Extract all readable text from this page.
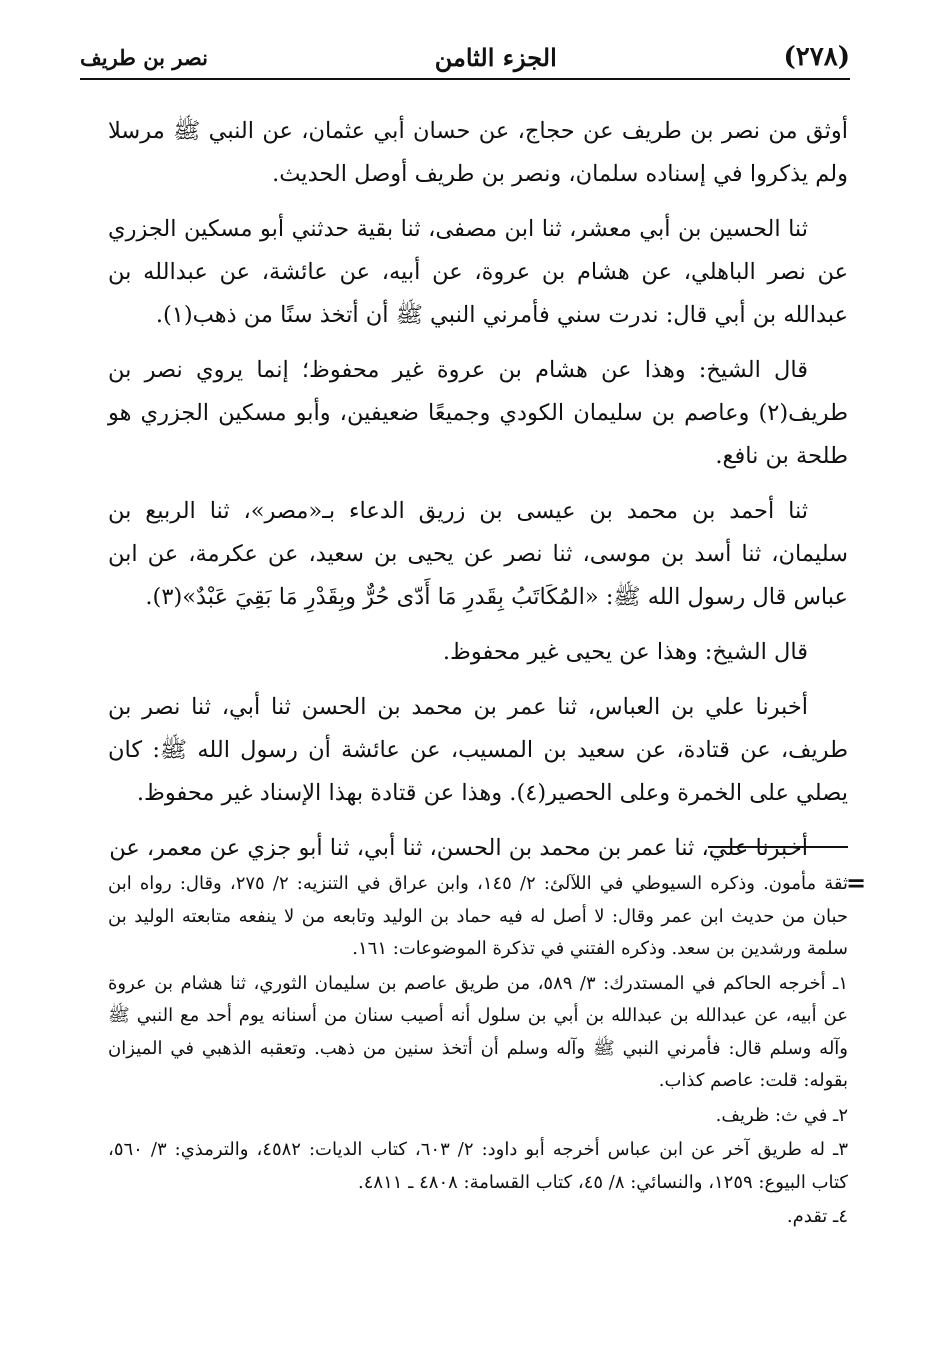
(٢٧٨)
الجزء الثامن
نصر بن طريف

أوثق من نصر بن طريف عن حجاج، عن حسان أبي عثمان، عن النبي ﷺ مرسلا ولم يذكروا في إسناده سلمان، ونصر بن طريف أوصل الحديث.

ثنا الحسين بن أبي معشر، ثنا ابن مصفى، ثنا بقية حدثني أبو مسكين الجزري عن نصر الباهلي، عن هشام بن عروة، عن أبيه، عن عائشة، عن عبدالله بن عبدالله بن أبي قال: ندرت سني فأمرني النبي ﷺ أن أتخذ سنًا من ذهب(١).

قال الشيخ: وهذا عن هشام بن عروة غير محفوظ؛ إنما يروي نصر بن طريف(٢) وعاصم بن سليمان الكودي وجميعًا ضعيفين، وأبو مسكين الجزري هو طلحة بن نافع.

ثنا أحمد بن محمد بن عيسى بن زريق الدعاء بـ«مصر»، ثنا الربيع بن سليمان، ثنا أسد بن موسى، ثنا نصر عن يحيى بن سعيد، عن عكرمة، عن ابن عباس قال رسول الله ﷺ: «المُكَاتَبُ بِقَدرِ مَا أَدّى حُرٌّ وبِقَدْرِ مَا بَقِيَ عَبْدٌ»(٣).

قال الشيخ: وهذا عن يحيى غير محفوظ.

أخبرنا علي بن العباس، ثنا عمر بن محمد بن الحسن ثنا أبي، ثنا نصر بن طريف، عن قتادة، عن سعيد بن المسيب، عن عائشة أن رسول الله ﷺ: كان يصلي على الخمرة وعلى الحصير(٤). وهذا عن قتادة بهذا الإسناد غير محفوظ.

أخبرنا علي، ثنا عمر بن محمد بن الحسن، ثنا أبي، ثنا أبو جزي عن معمر، عن

=

ثقة مأمون. وذكره السيوطي في اللآلئ: ٢/ ١٤٥، وابن عراق في التنزيه: ٢/ ٢٧٥، وقال: رواه ابن حبان من حديث ابن عمر وقال: لا أصل له فيه حماد بن الوليد وتابعه من لا ينفعه متابعته الوليد بن سلمة ورشدين بن سعد. وذكره الفتني في تذكرة الموضوعات: ١٦١.

١ـ أخرجه الحاكم في المستدرك: ٣/ ٥٨٩، من طريق عاصم بن سليمان الثوري، ثنا هشام بن عروة عن أبيه، عن عبدالله بن عبدالله بن أبي بن سلول أنه أصيب سنان من أسنانه يوم أحد مع النبي ﷺ وآله وسلم قال: فأمرني النبي ﷺ وآله وسلم أن أتخذ سنين من ذهب. وتعقبه الذهبي في الميزان بقوله: قلت: عاصم كذاب.

٢ـ في ث: ظريف.

٣ـ له طريق آخر عن ابن عباس أخرجه أبو داود: ٢/ ٦٠٣، كتاب الديات: ٤٥٨٢، والترمذي: ٣/ ٥٦٠، كتاب البيوع: ١٢٥٩، والنسائي: ٨/ ٤٥، كتاب القسامة: ٤٨٠٨ ـ ٤٨١١.

٤ـ تقدم.
